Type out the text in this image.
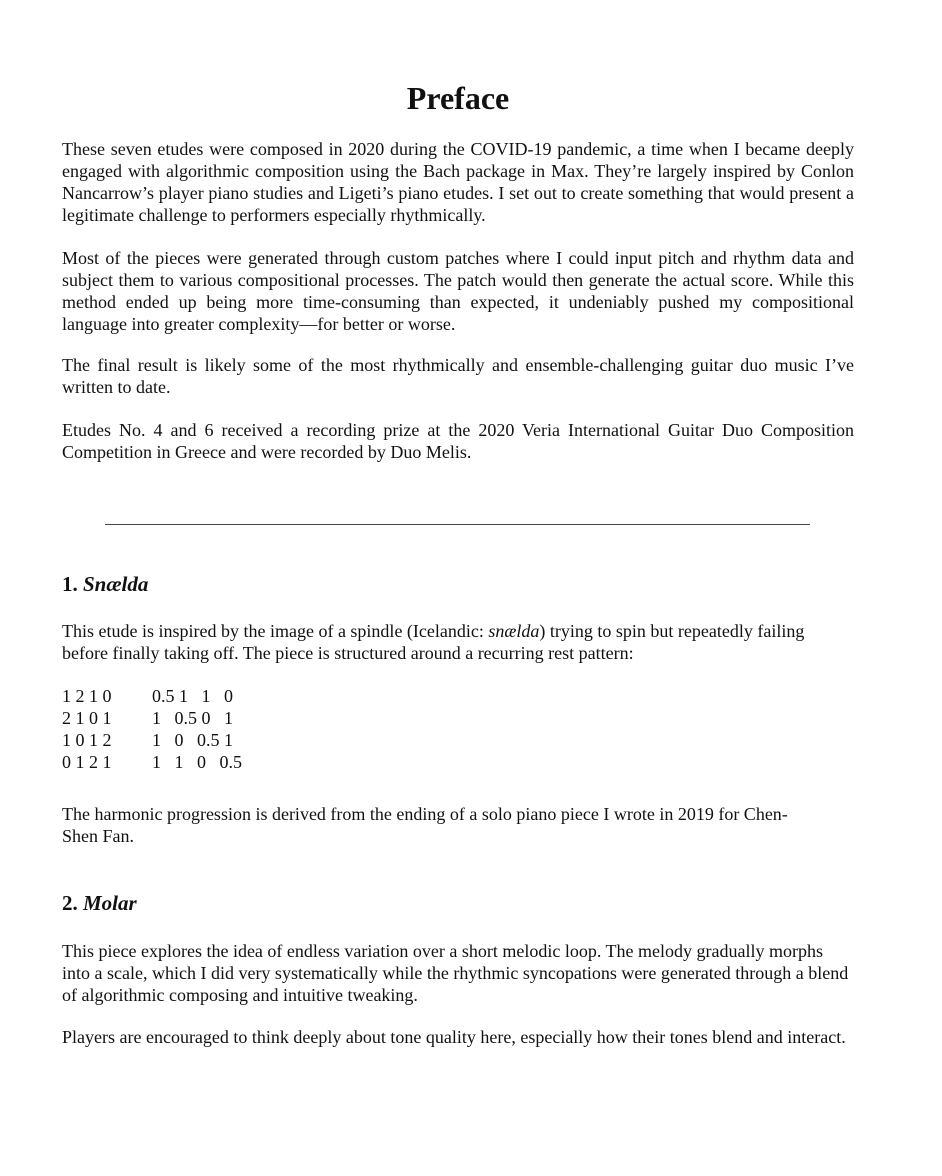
Preface

These seven etudes were composed in 2020 during the COVID-19 pandemic, a time when I became deeply engaged with algorithmic composition using the Bach package in Max. They’re largely inspired by Conlon Nancarrow’s player piano studies and Ligeti’s piano etudes. I set out to create something that would present a legitimate challenge to performers especially rhythmically.

Most of the pieces were generated through custom patches where I could input pitch and rhythm data and subject them to various compositional processes. The patch would then generate the actual score. While this method ended up being more time-consuming than expected, it undeniably pushed my compositional language into greater complexity—for better or worse.

The final result is likely some of the most rhythmically and ensemble-challenging guitar duo music I’ve written to date.

Etudes No. 4 and 6 received a recording prize at the 2020 Veria International Guitar Duo Composition Competition in Greece and were recorded by Duo Melis.

1. Snælda

This etude is inspired by the image of a spindle (Icelandic: snælda) trying to spin but repeatedly failing before finally taking off. The piece is structured around a recurring rest pattern:

1 2 1 0	0.5 1   1   0
2 1 0 1	1   0.5 0   1
1 0 1 2	1   0   0.5 1
0 1 2 1	1   1   0   0.5

The harmonic progression is derived from the ending of a solo piano piece I wrote in 2019 for Chen-Shen Fan.

2. Molar

This piece explores the idea of endless variation over a short melodic loop. The melody gradually morphs into a scale, which I did very systematically while the rhythmic syncopations were generated through a blend of algorithmic composing and intuitive tweaking.

Players are encouraged to think deeply about tone quality here, especially how their tones blend and interact.
